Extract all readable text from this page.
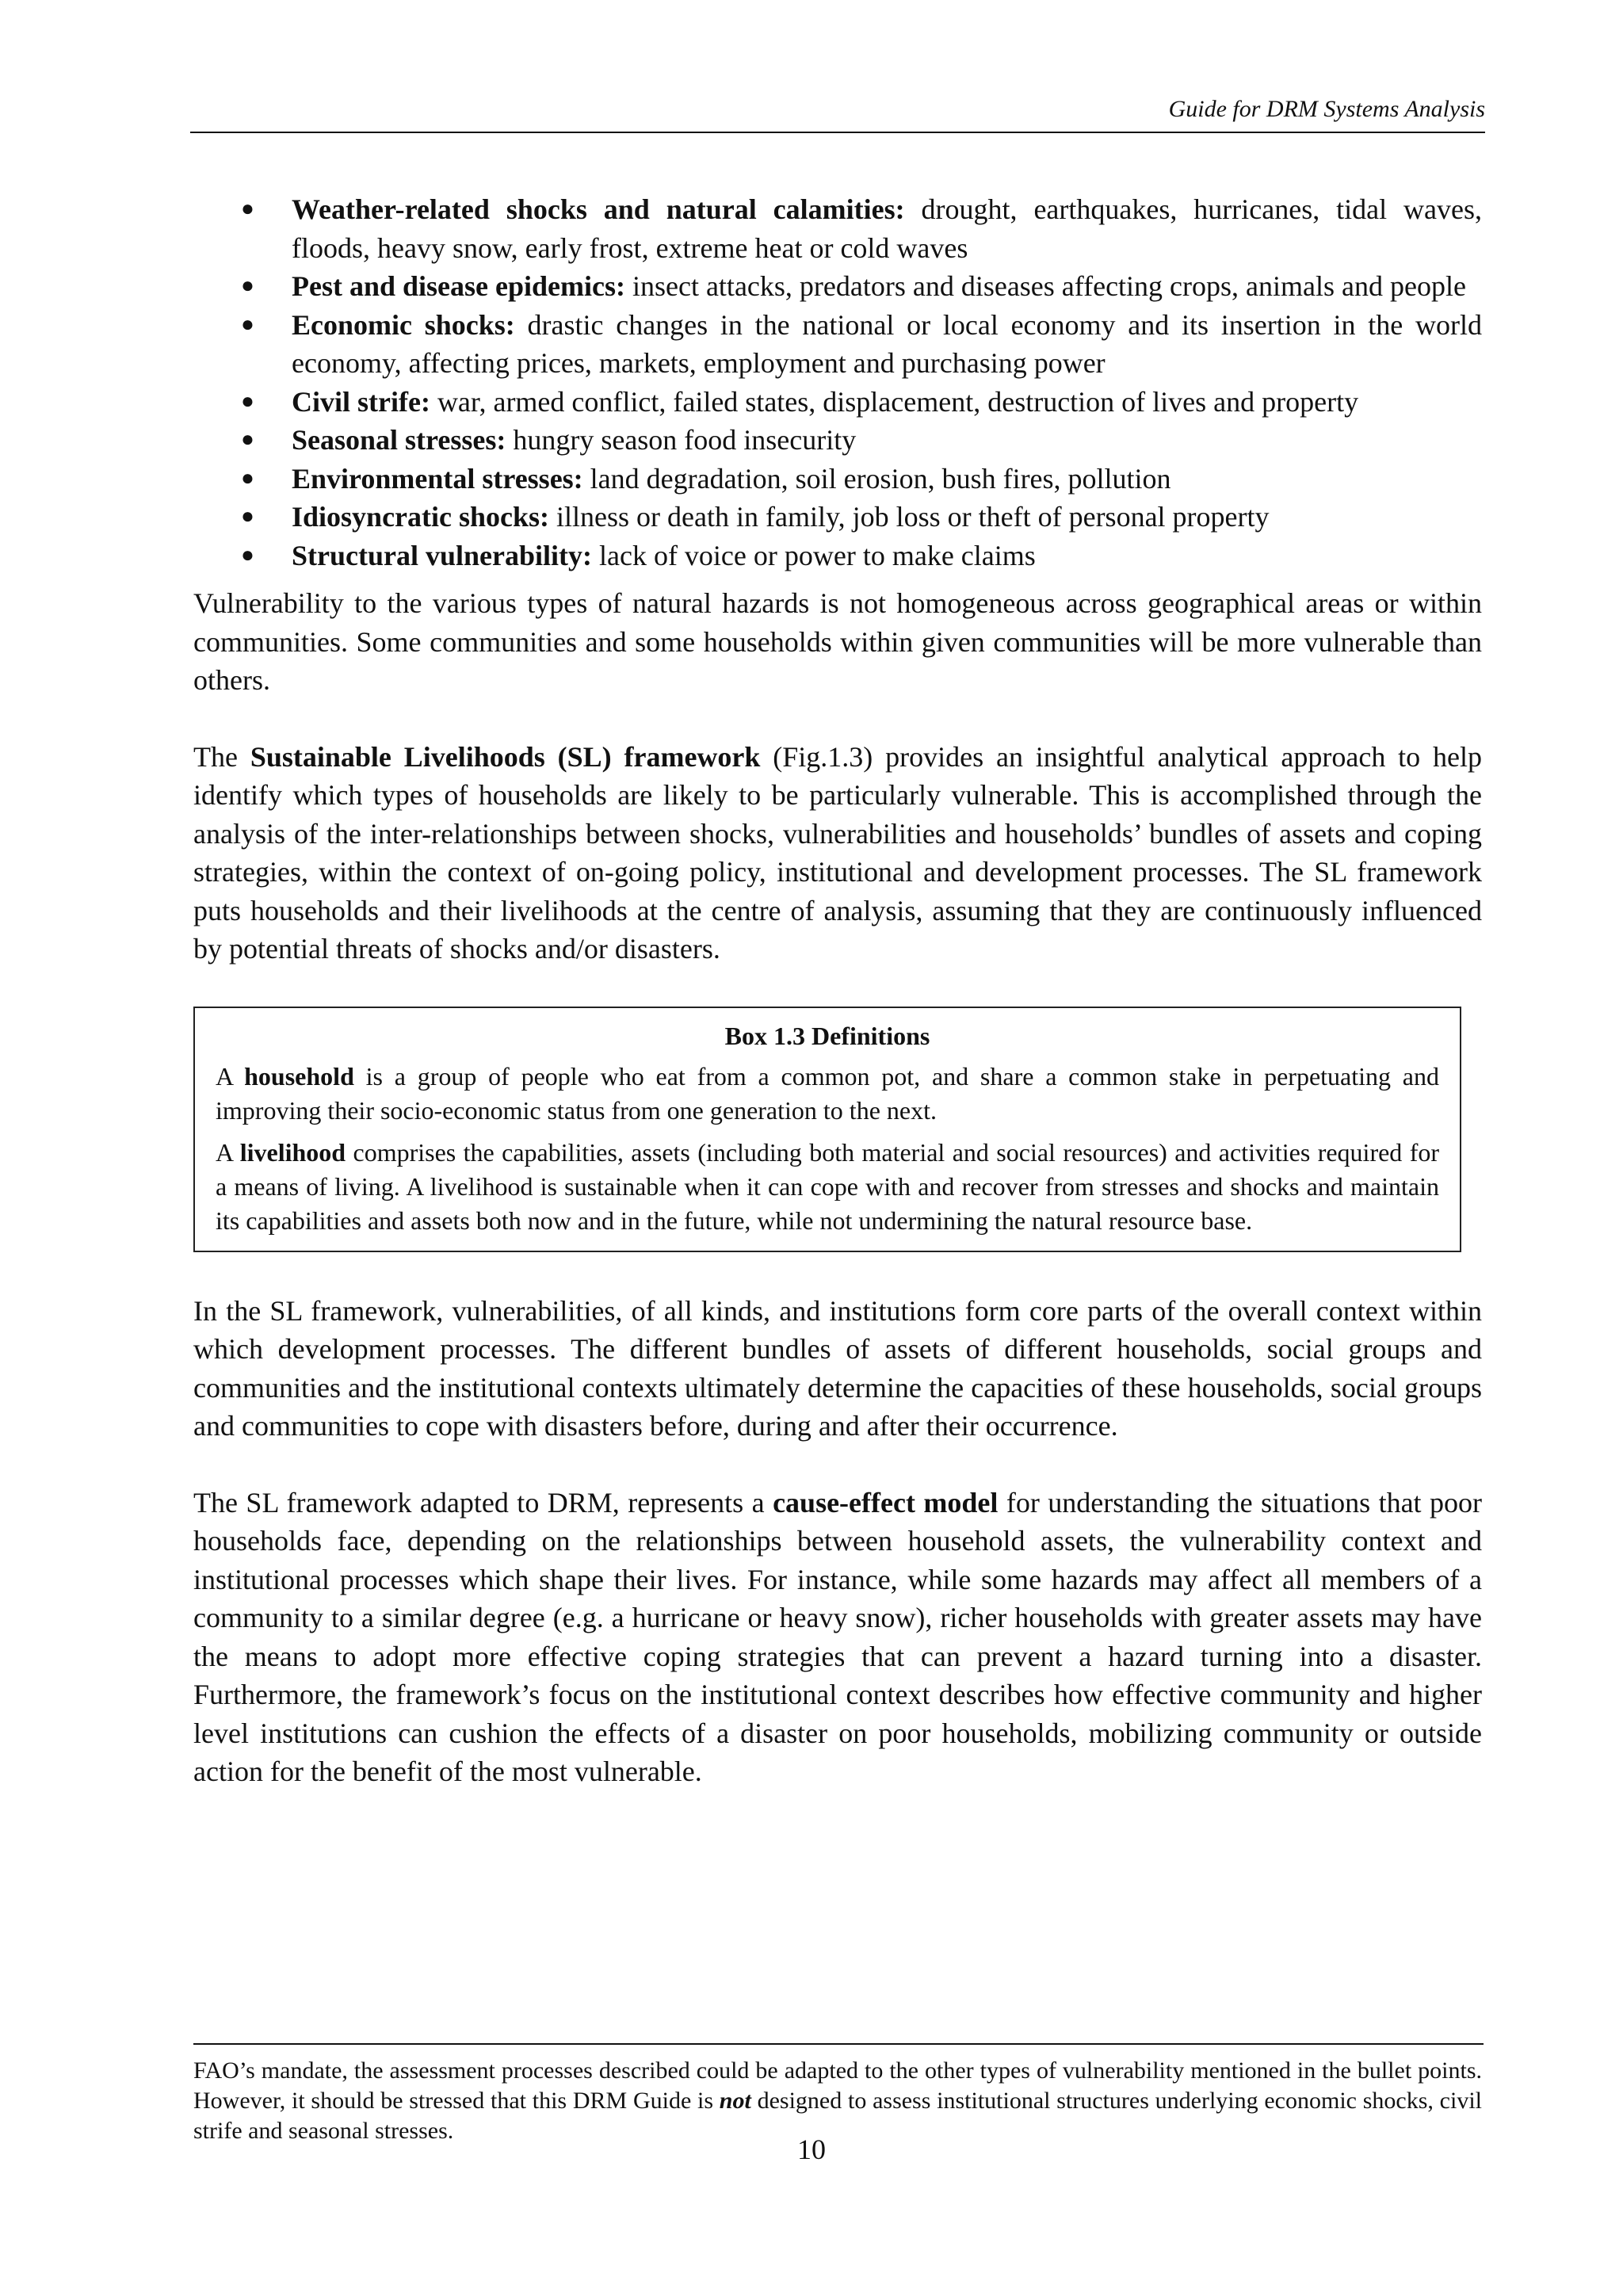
Guide for DRM Systems Analysis
● Weather-related shocks and natural calamities: drought, earthquakes, hurricanes, tidal waves, floods, heavy snow, early frost, extreme heat or cold waves
● Pest and disease epidemics: insect attacks, predators and diseases affecting crops, animals and people
● Economic shocks: drastic changes in the national or local economy and its insertion in the world economy, affecting prices, markets, employment and purchasing power
● Civil strife: war, armed conflict, failed states, displacement, destruction of lives and property
● Seasonal stresses: hungry season food insecurity
● Environmental stresses: land degradation, soil erosion, bush fires, pollution
● Idiosyncratic shocks: illness or death in family, job loss or theft of personal property
● Structural vulnerability: lack of voice or power to make claims

Vulnerability to the various types of natural hazards is not homogeneous across geographical areas or within communities. Some communities and some households within given communities will be more vulnerable than others.

The Sustainable Livelihoods (SL) framework (Fig.1.3) provides an insightful analytical approach to help identify which types of households are likely to be particularly vulnerable. This is accomplished through the analysis of the inter-relationships between shocks, vulnerabilities and households’ bundles of assets and coping strategies, within the context of on-going policy, institutional and development processes. The SL framework puts households and their livelihoods at the centre of analysis, assuming that they are continuously influenced by potential threats of shocks and/or disasters.

Box 1.3 Definitions

A household is a group of people who eat from a common pot, and share a common stake in perpetuating and improving their socio-economic status from one generation to the next.

A livelihood comprises the capabilities, assets (including both material and social resources) and activities required for a means of living. A livelihood is sustainable when it can cope with and recover from stresses and shocks and maintain its capabilities and assets both now and in the future, while not undermining the natural resource base.

In the SL framework, vulnerabilities, of all kinds, and institutions form core parts of the overall context within which development processes. The different bundles of assets of different households, social groups and communities and the institutional contexts ultimately determine the capacities of these households, social groups and communities to cope with disasters before, during and after their occurrence.

The SL framework adapted to DRM, represents a cause-effect model for understanding the situations that poor households face, depending on the relationships between household assets, the vulnerability context and institutional processes which shape their lives. For instance, while some hazards may affect all members of a community to a similar degree (e.g. a hurricane or heavy snow), richer households with greater assets may have the means to adopt more effective coping strategies that can prevent a hazard turning into a disaster. Furthermore, the framework’s focus on the institutional context describes how effective community and higher level institutions can cushion the effects of a disaster on poor households, mobilizing community or outside action for the benefit of the most vulnerable.

FAO’s mandate, the assessment processes described could be adapted to the other types of vulnerability mentioned in the bullet points. However, it should be stressed that this DRM Guide is not designed to assess institutional structures underlying economic shocks, civil strife and seasonal stresses.
10
